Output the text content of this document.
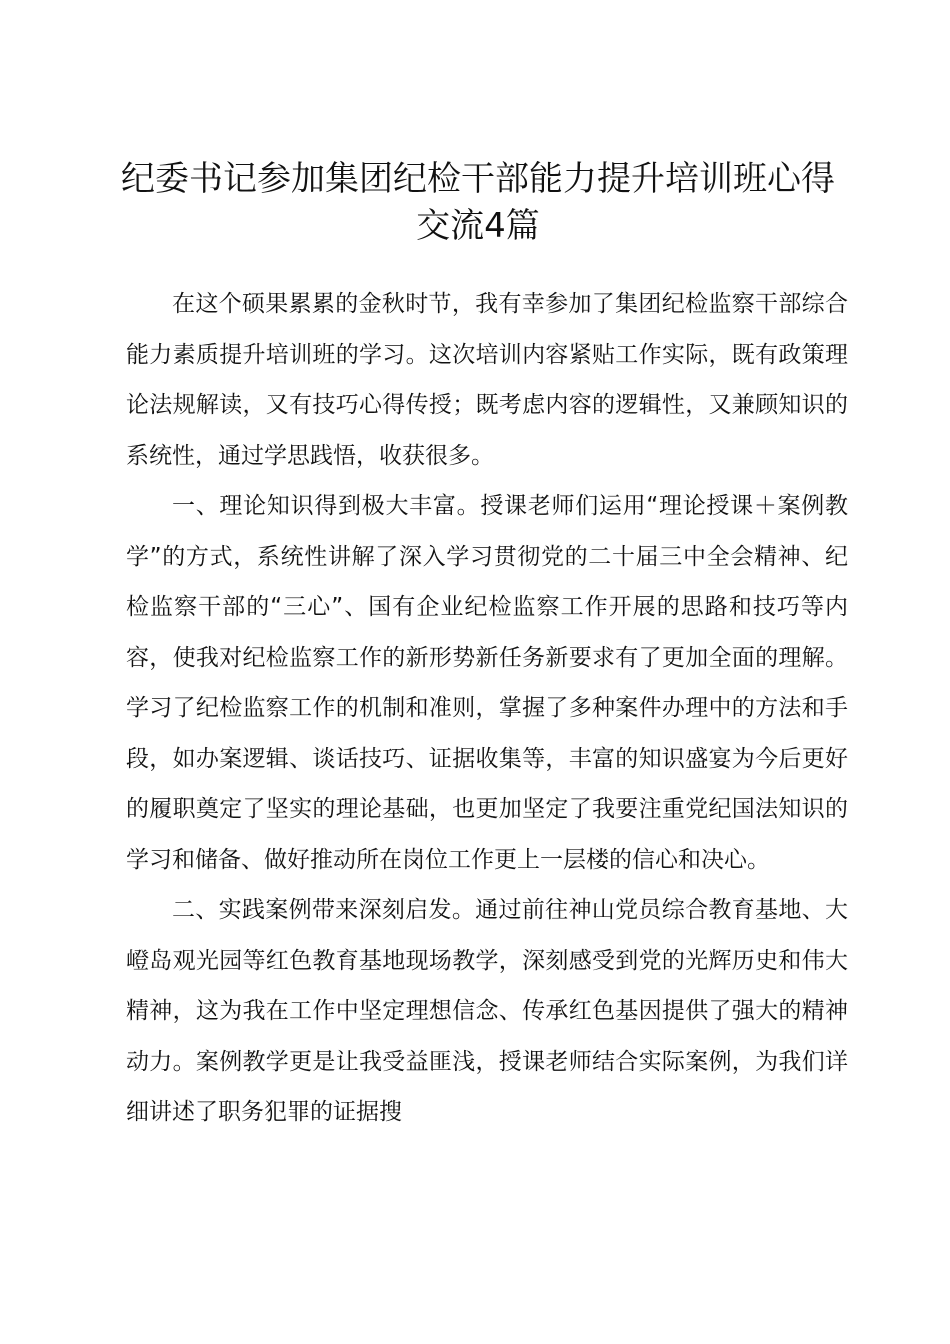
纪委书记参加集团纪检干部能力提升培训班心得交流4篇

在这个硕果累累的金秋时节，我有幸参加了集团纪检监察干部综合能力素质提升培训班的学习。这次培训内容紧贴工作实际，既有政策理论法规解读，又有技巧心得传授；既考虑内容的逻辑性，又兼顾知识的系统性，通过学思践悟，收获很多。

一、理论知识得到极大丰富。授课老师们运用“理论授课＋案例教学”的方式，系统性讲解了深入学习贯彻党的二十届三中全会精神、纪检监察干部的“三心”、国有企业纪检监察工作开展的思路和技巧等内容，使我对纪检监察工作的新形势新任务新要求有了更加全面的理解。学习了纪检监察工作的机制和准则，掌握了多种案件办理中的方法和手段，如办案逻辑、谈话技巧、证据收集等，丰富的知识盛宴为今后更好的履职奠定了坚实的理论基础，也更加坚定了我要注重党纪国法知识的学习和储备、做好推动所在岗位工作更上一层楼的信心和决心。

二、实践案例带来深刻启发。通过前往神山党员综合教育基地、大嶝岛观光园等红色教育基地现场教学，深刻感受到党的光辉历史和伟大精神，这为我在工作中坚定理想信念、传承红色基因提供了强大的精神动力。案例教学更是让我受益匪浅，授课老师结合实际案例，为我们详细讲述了职务犯罪的证据搜
